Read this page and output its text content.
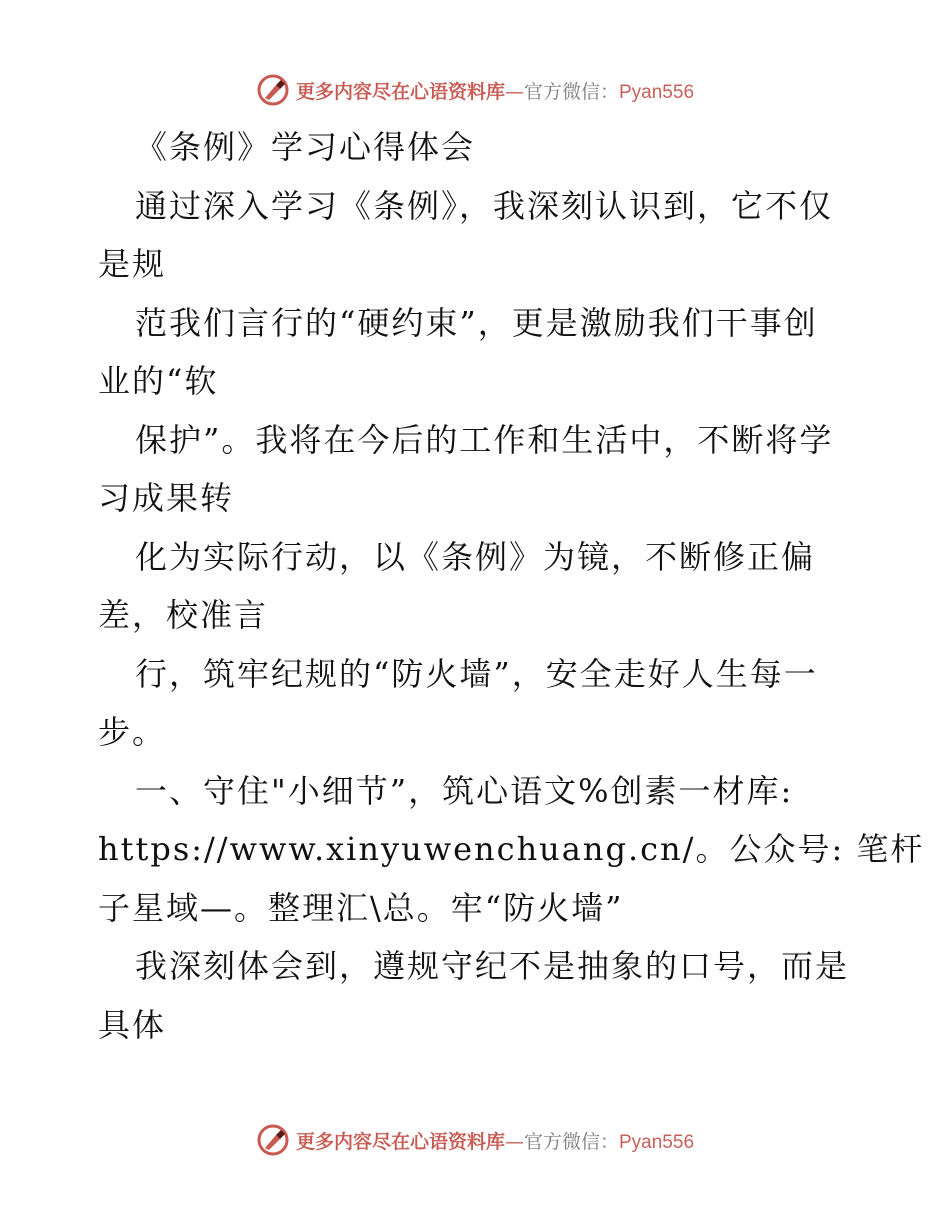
更多内容尽在心语资料库—官方微信：Pyan556
《条例》学习心得体会
通过深入学习《条例》，我深刻认识到，它不仅
是规
范我们言行的“硬约束”，更是激励我们干事创
业的“软
保护”。我将在今后的工作和生活中，不断将学
习成果转
化为实际行动，以《条例》为镜，不断修正偏
差，校准言
行，筑牢纪规的“防火墙”，安全走好人生每一
步。
一、守住"小细节”，筑心语文%创素一材库:
https://www.xinyuwenchuang.cn/。公众号: 笔杆
子星域—。整理汇\总。牢“防火墙”
我深刻体会到，遵规守纪不是抽象的口号，而是
具体
更多内容尽在心语资料库—官方微信：Pyan556
